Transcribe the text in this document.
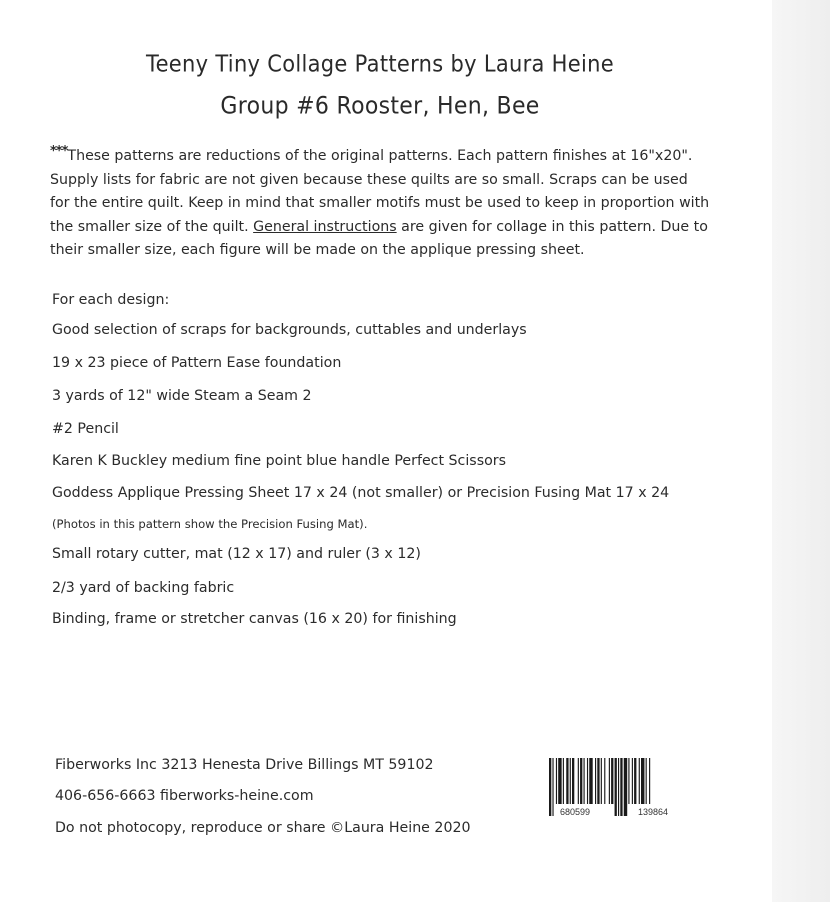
Teeny Tiny Collage Patterns by Laura Heine
Group #6 Rooster, Hen, Bee

***These patterns are reductions of the original patterns. Each pattern finishes at 16"x20". Supply lists for fabric are not given because these quilts are so small. Scraps can be used for the entire quilt. Keep in mind that smaller motifs must be used to keep in proportion with the smaller size of the quilt. General instructions are given for collage in this pattern. Due to their smaller size, each figure will be made on the applique pressing sheet.

For each design:
Good selection of scraps for backgrounds, cuttables and underlays
19 x 23 piece of Pattern Ease foundation
3 yards of 12" wide Steam a Seam 2
#2 Pencil
Karen K Buckley medium fine point blue handle Perfect Scissors
Goddess Applique Pressing Sheet 17 x 24 (not smaller) or Precision Fusing Mat 17 x 24
(Photos in this pattern show the Precision Fusing Mat).
Small rotary cutter, mat (12 x 17) and ruler (3 x 12)
2/3 yard of backing fabric
Binding, frame or stretcher canvas (16 x 20) for finishing
Fiberworks Inc 3213 Henesta Drive Billings MT 59102
406-656-6663 fiberworks-heine.com
Do not photocopy, reproduce or share ©Laura Heine 2020
680599	139864
